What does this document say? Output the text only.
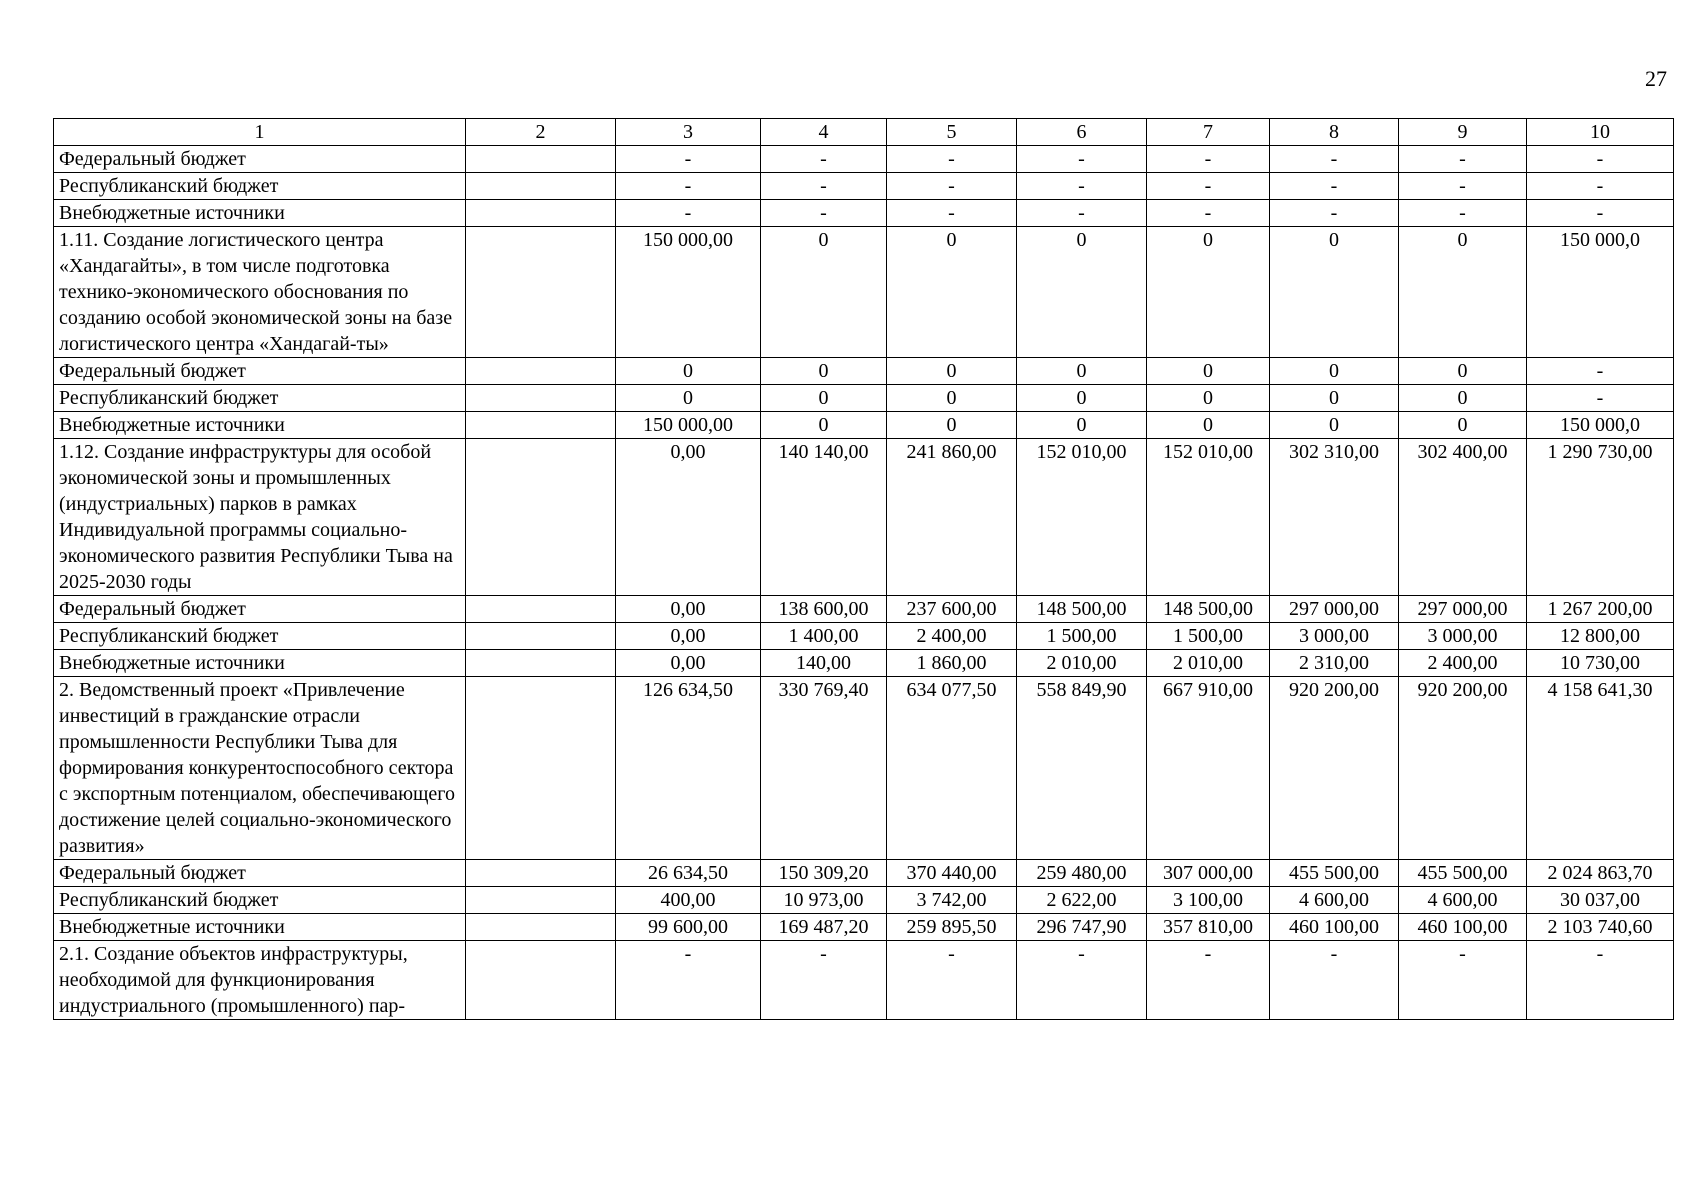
27
1	2	3	4	5	6	7	8	9	10
Федеральный бюджет		-	-	-	-	-	-	-	-
Республиканский бюджет		-	-	-	-	-	-	-	-
Внебюджетные источники		-	-	-	-	-	-	-	-
1.11. Создание логистического центра «Хандагайты», в том числе подготовка технико-экономического обоснования по созданию особой экономической зоны на базе логистического центра «Хандагай-ты»		150 000,00	0	0	0	0	0	0	150 000,0
Федеральный бюджет		0	0	0	0	0	0	0	-
Республиканский бюджет		0	0	0	0	0	0	0	-
Внебюджетные источники		150 000,00	0	0	0	0	0	0	150 000,0
1.12. Создание инфраструктуры для особой экономической зоны и промышленных (индустриальных) парков в рамках Индивидуальной программы социально-экономического развития Республики Тыва на 2025-2030 годы		0,00	140 140,00	241 860,00	152 010,00	152 010,00	302 310,00	302 400,00	1 290 730,00
Федеральный бюджет		0,00	138 600,00	237 600,00	148 500,00	148 500,00	297 000,00	297 000,00	1 267 200,00
Республиканский бюджет		0,00	1 400,00	2 400,00	1 500,00	1 500,00	3 000,00	3 000,00	12 800,00
Внебюджетные источники		0,00	140,00	1 860,00	2 010,00	2 010,00	2 310,00	2 400,00	10 730,00
2. Ведомственный проект «Привлечение инвестиций в гражданские отрасли промышленности Республики Тыва для формирования конкурентоспособного сектора с экспортным потенциалом, обеспечивающего достижение целей социально-экономического развития»		126 634,50	330 769,40	634 077,50	558 849,90	667 910,00	920 200,00	920 200,00	4 158 641,30
Федеральный бюджет		26 634,50	150 309,20	370 440,00	259 480,00	307 000,00	455 500,00	455 500,00	2 024 863,70
Республиканский бюджет		400,00	10 973,00	3 742,00	2 622,00	3 100,00	4 600,00	4 600,00	30 037,00
Внебюджетные источники		99 600,00	169 487,20	259 895,50	296 747,90	357 810,00	460 100,00	460 100,00	2 103 740,60
2.1. Создание объектов инфраструктуры, необходимой для функционирования индустриального (промышленного) пар-		-	-	-	-	-	-	-	-
